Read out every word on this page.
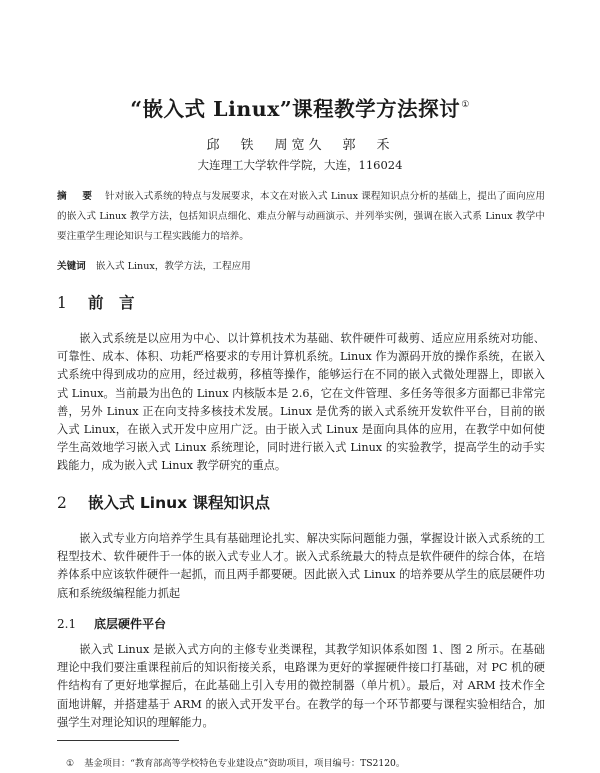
“嵌入式 Linux”课程教学方法探讨①
邱　铁　周宽久　郭　禾
大连理工大学软件学院，大连，116024
摘　要 针对嵌入式系统的特点与发展要求，本文在对嵌入式 Linux 课程知识点分析的基础上，提出了面向应用的嵌入式 Linux 教学方法，包括知识点细化、难点分解与动画演示、并列举实例，强调在嵌入式系 Linux 教学中要注重学生理论知识与工程实践能力的培养。
关键词 嵌入式 Linux，教学方法，工程应用
1 前　言
嵌入式系统是以应用为中心、以计算机技术为基础、软件硬件可裁剪、适应应用系统对功能、可靠性、成本、体积、功耗严格要求的专用计算机系统。Linux 作为源码开放的操作系统，在嵌入式系统中得到成功的应用，经过裁剪，移植等操作，能够运行在不同的嵌入式微处理器上，即嵌入式 Linux。当前最为出色的 Linux 内核版本是 2.6，它在文件管理、多任务等很多方面都已非常完善，另外 Linux 正在向支持多核技术发展。Linux 是优秀的嵌入式系统开发软件平台，目前的嵌入式 Linux，在嵌入式开发中应用广泛。由于嵌入式 Linux 是面向具体的应用，在教学中如何使学生高效地学习嵌入式 Linux 系统理论，同时进行嵌入式 Linux 的实验教学，提高学生的动手实践能力，成为嵌入式 Linux 教学研究的重点。
2 嵌入式 Linux 课程知识点
嵌入式专业方向培养学生具有基础理论扎实、解决实际问题能力强，掌握设计嵌入式系统的工程型技术、软件硬件于一体的嵌入式专业人才。嵌入式系统最大的特点是软件硬件的综合体，在培养体系中应该软件硬件一起抓，而且两手都要硬。因此嵌入式 Linux 的培养要从学生的底层硬件功底和系统级编程能力抓起
2.1 底层硬件平台
嵌入式 Linux 是嵌入式方向的主修专业类课程，其教学知识体系如图 1、图 2 所示。在基础理论中我们要注重课程前后的知识衔接关系，电路课为更好的掌握硬件接口打基础，对 PC 机的硬件结构有了更好地掌握后，在此基础上引入专用的微控制器（单片机）。最后，对 ARM 技术作全面地讲解，并搭建基于 ARM 的嵌入式开发平台。在教学的每一个环节都要与课程实验相结合，加强学生对理论知识的理解能力。
① 基金项目：“教育部高等学校特色专业建设点”资助项目，项目编号：TS2120。
